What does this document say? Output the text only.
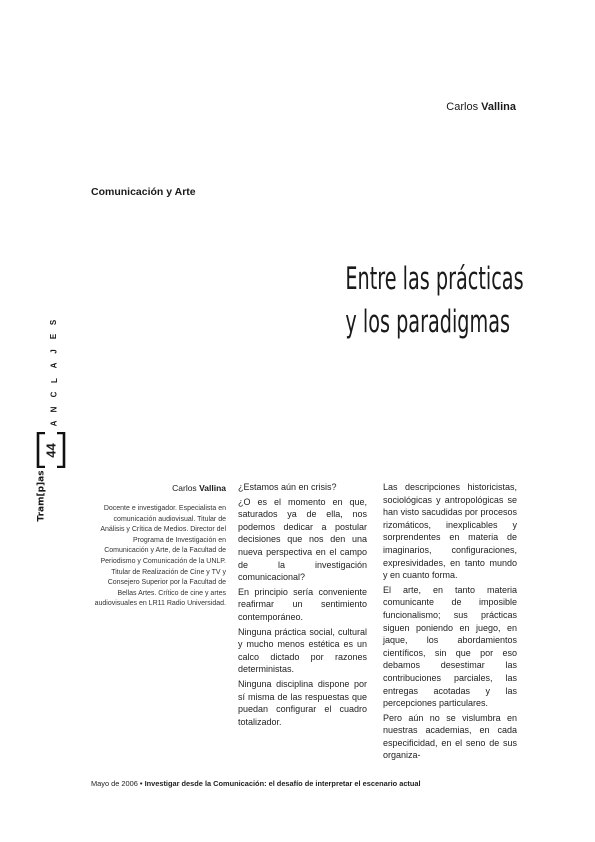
Carlos Vallina
Comunicación y Arte
Entre las prácticas
y los paradigmas
S
E
J
A
L
C
N
A
44
Tram[p]as	Carlos Vallina
Docente e investigador. Especialista en comunicación audiovisual. Titular de Análisis y Crítica de Medios. Director del Programa de Investigación en Comunicación y Arte, de la Facultad de Periodismo y Comunicación de la UNLP. Titular de Realización de Cine y TV y Consejero Superior por la Facultad de Bellas Artes. Crítico de cine y artes audiovisuales en LR11 Radio Universidad.

¿Estamos aún en crisis?

¿O es el momento en que, saturados ya de ella, nos podemos dedicar a postular decisiones que nos den una nueva perspectiva en el campo de la investigación comunicacional?

En principio sería conveniente reafirmar un sentimiento contemporáneo.

Ninguna práctica social, cultural y mucho menos estética es un calco dictado por razones deterministas.

Ninguna disciplina dispone por sí misma de las respuestas que puedan configurar el cuadro totalizador.

Las descripciones historicistas, sociológicas y antropológicas se han visto sacudidas por procesos rizomáticos, inexplicables y sorprendentes en materia de imaginarios, configuraciones, expresividades, en tanto mundo y en cuanto forma.

El arte, en tanto materia comunicante de imposible funcionalismo; sus prácticas siguen poniendo en juego, en jaque, los abordamientos científicos, sin que por eso debamos desestimar las contribuciones parciales, las entregas acotadas y las percepciones particulares.

Pero aún no se vislumbra en nuestras academias, en cada especificidad, en el seno de sus organiza-

Mayo de 2006 • Investigar desde la Comunicación: el desafío de interpretar el escenario actual
